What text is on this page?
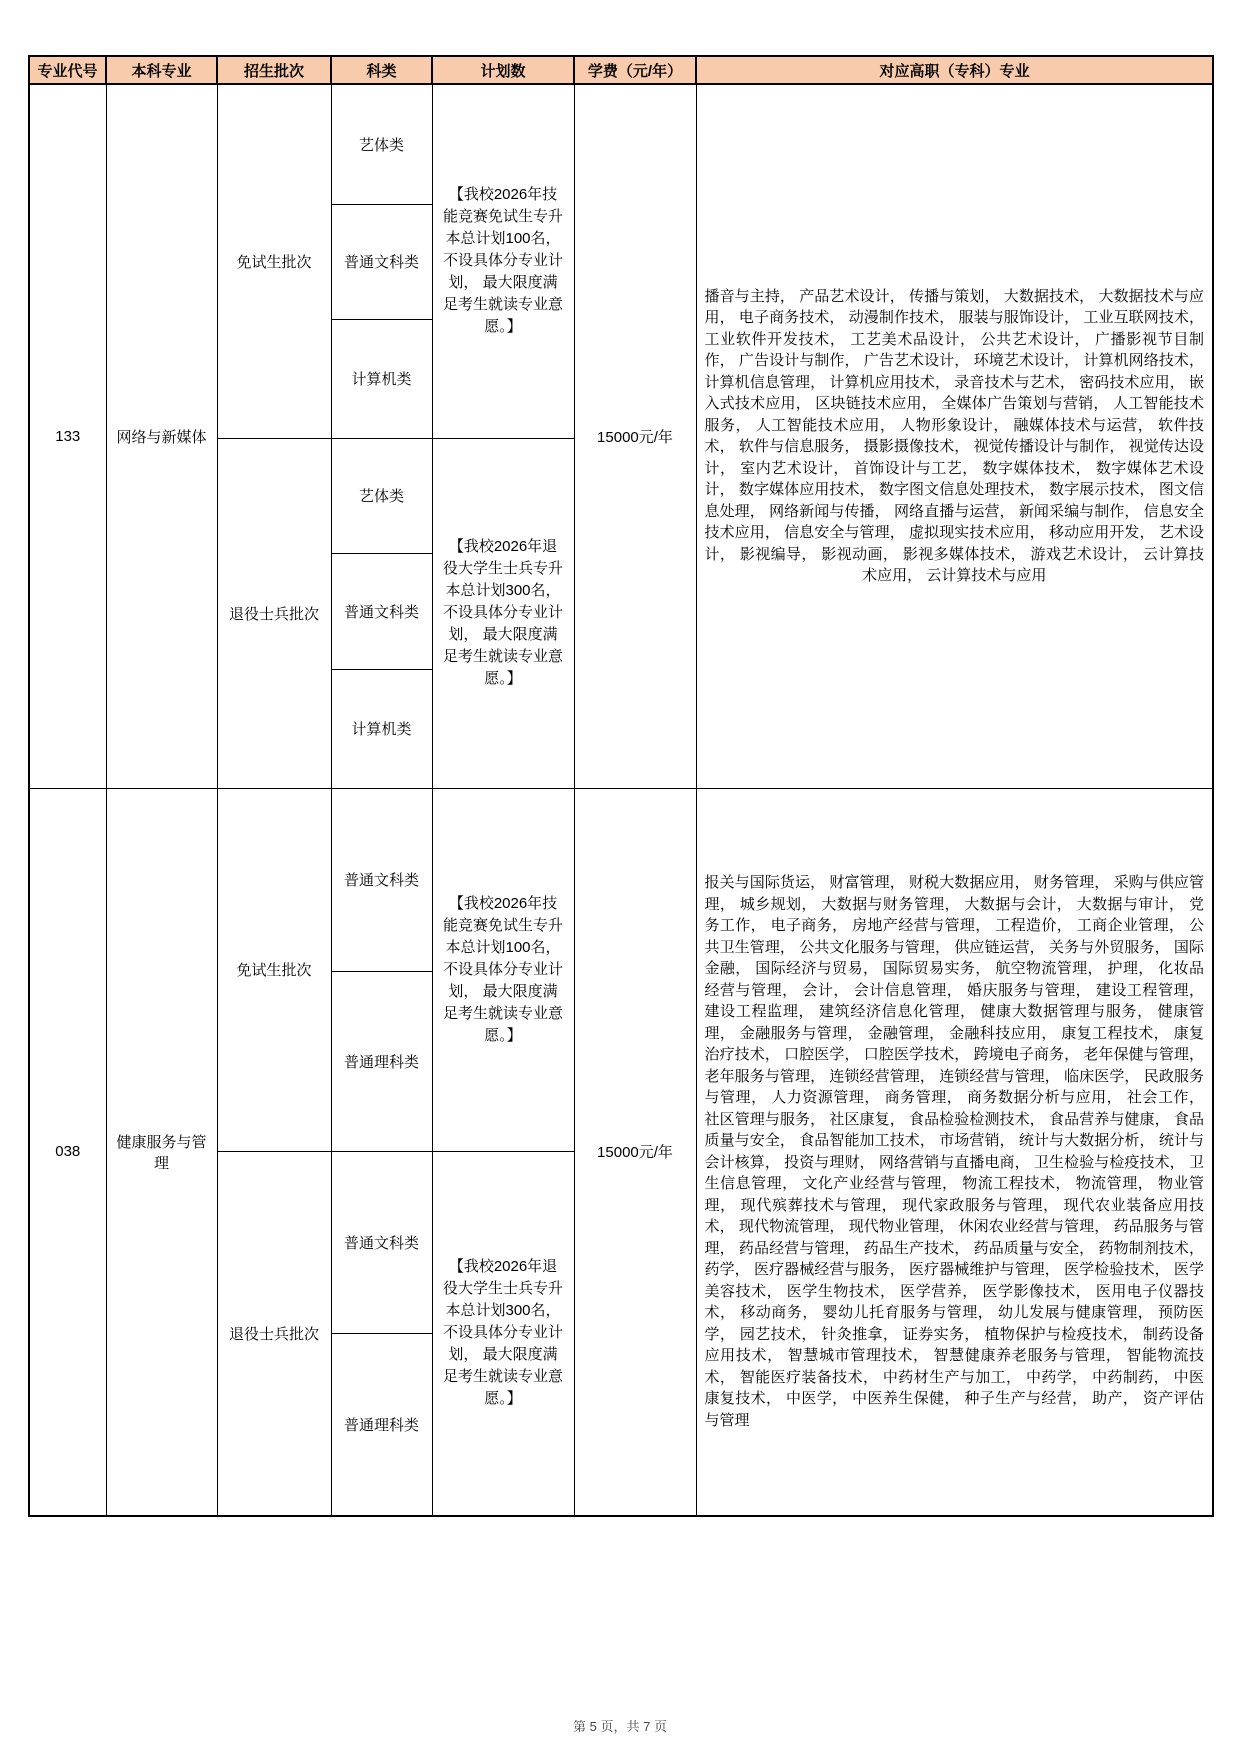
专业代号	本科专业	招生批次	科类	计划数	学费（元/年）	对应高职（专科）专业
133	网络与新媒体	免试生批次	艺体类	【我校2026年技能竞赛免试生专升本总计划100名，不设具体分专业计划， 最大限度满足考生就读专业意愿。】	15000元/年	播音与主持， 产品艺术设计， 传播与策划， 大数据技术， 大数据技术与应用， 电子商务技术， 动漫制作技术， 服装与服饰设计， 工业互联网技术， 工业软件开发技术， 工艺美术品设计， 公共艺术设计， 广播影视节目制作， 广告设计与制作， 广告艺术设计， 环境艺术设计， 计算机网络技术， 计算机信息管理， 计算机应用技术， 录音技术与艺术， 密码技术应用， 嵌入式技术应用， 区块链技术应用， 全媒体广告策划与营销， 人工智能技术服务， 人工智能技术应用， 人物形象设计， 融媒体技术与运营， 软件技术， 软件与信息服务， 摄影摄像技术， 视觉传播设计与制作， 视觉传达设计， 室内艺术设计， 首饰设计与工艺， 数字媒体技术， 数字媒体艺术设计， 数字媒体应用技术， 数字图文信息处理技术， 数字展示技术， 图文信息处理， 网络新闻与传播， 网络直播与运营， 新闻采编与制作， 信息安全技术应用， 信息安全与管理， 虚拟现实技术应用， 移动应用开发， 艺术设计， 影视编导， 影视动画， 影视多媒体技术， 游戏艺术设计， 云计算技术应用， 云计算技术与应用
			普通文科类			
			计算机类			
		退役士兵批次	艺体类	【我校2026年退役大学生士兵专升本总计划300名，不设具体分专业计划， 最大限度满足考生就读专业意愿。】		
			普通文科类			
			计算机类			
038	健康服务与管理	免试生批次	普通文科类	【我校2026年技能竞赛免试生专升本总计划100名，不设具体分专业计划， 最大限度满足考生就读专业意愿。】	15000元/年	报关与国际货运， 财富管理， 财税大数据应用， 财务管理， 采购与供应管理， 城乡规划， 大数据与财务管理， 大数据与会计， 大数据与审计， 党务工作， 电子商务， 房地产经营与管理， 工程造价， 工商企业管理， 公共卫生管理， 公共文化服务与管理， 供应链运营， 关务与外贸服务， 国际金融， 国际经济与贸易， 国际贸易实务， 航空物流管理， 护理， 化妆品经营与管理， 会计， 会计信息管理， 婚庆服务与管理， 建设工程管理， 建设工程监理， 建筑经济信息化管理， 健康大数据管理与服务， 健康管理， 金融服务与管理， 金融管理， 金融科技应用， 康复工程技术， 康复治疗技术， 口腔医学， 口腔医学技术， 跨境电子商务， 老年保健与管理， 老年服务与管理， 连锁经营管理， 连锁经营与管理， 临床医学， 民政服务与管理， 人力资源管理， 商务管理， 商务数据分析与应用， 社会工作， 社区管理与服务， 社区康复， 食品检验检测技术， 食品营养与健康， 食品质量与安全， 食品智能加工技术， 市场营销， 统计与大数据分析， 统计与会计核算， 投资与理财， 网络营销与直播电商， 卫生检验与检疫技术， 卫生信息管理， 文化产业经营与管理， 物流工程技术， 物流管理， 物业管理， 现代殡葬技术与管理， 现代家政服务与管理， 现代农业装备应用技术， 现代物流管理， 现代物业管理， 休闲农业经营与管理， 药品服务与管理， 药品经营与管理， 药品生产技术， 药品质量与安全， 药物制剂技术， 药学， 医疗器械经营与服务， 医疗器械维护与管理， 医学检验技术， 医学美容技术， 医学生物技术， 医学营养， 医学影像技术， 医用电子仪器技术， 移动商务， 婴幼儿托育服务与管理， 幼儿发展与健康管理， 预防医学， 园艺技术， 针灸推拿， 证券实务， 植物保护与检疫技术， 制药设备应用技术， 智慧城市管理技术， 智慧健康养老服务与管理， 智能物流技术， 智能医疗装备技术， 中药材生产与加工， 中药学， 中药制药， 中医康复技术， 中医学， 中医养生保健， 种子生产与经营， 助产， 资产评估与管理
			普通理科类			
		退役士兵批次	普通文科类	【我校2026年退役大学生士兵专升本总计划300名，不设具体分专业计划， 最大限度满足考生就读专业意愿。】		
			普通理科类			
第 5 页，共 7 页
